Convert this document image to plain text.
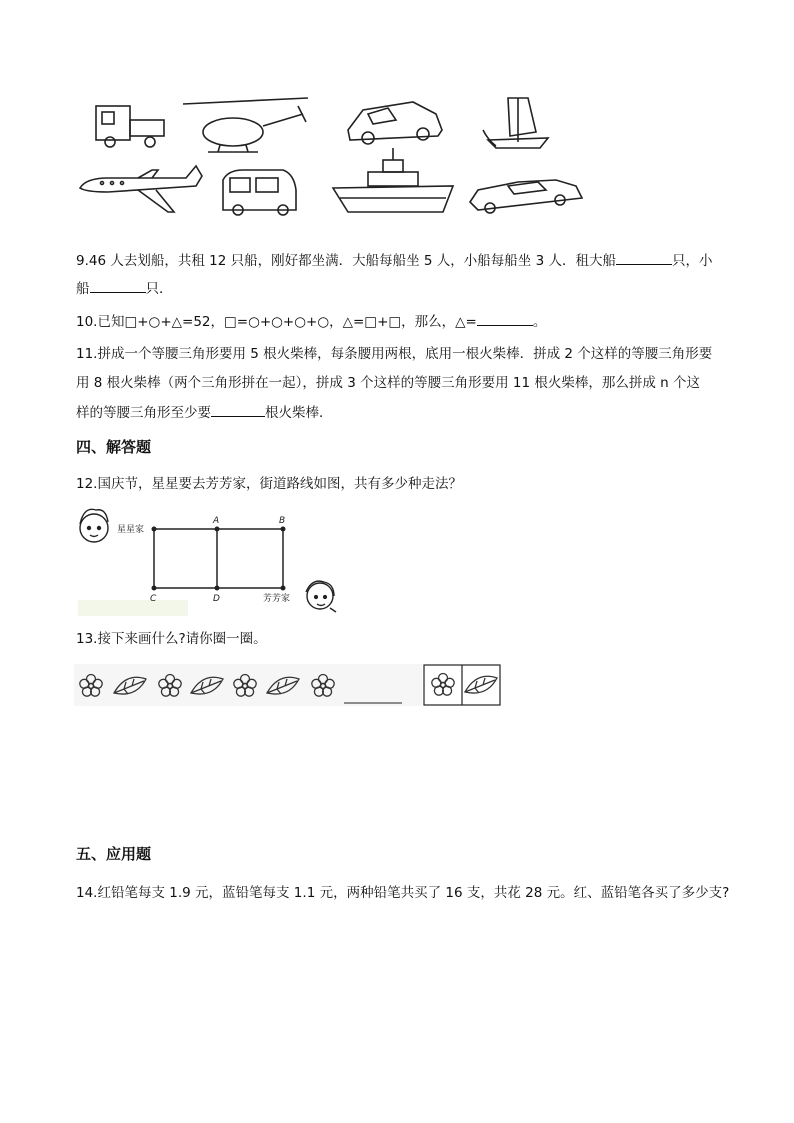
9.46 人去划船，共租 12 只船，刚好都坐满．大船每船坐 5 人，小船每船坐 3 人．租大船	只，小
船	只．
10.已知□+○+△=52，□=○+○+○+○，△=□+□，那么，△=	。
11.拼成一个等腰三角形要用 5 根火柴棒，每条腰用两根，底用一根火柴棒．拼成 2 个这样的等腰三角形要
用 8 根火柴棒（两个三角形拼在一起），拼成 3 个这样的等腰三角形要用 11 根火柴棒，那么拼成 n 个这
样的等腰三角形至少要	根火柴棒．
四、解答题
12.国庆节，星星要去芳芳家，街道路线如图，共有多少种走法？
星星家
A	B
C	D	芳芳家
13.接下来画什么?请你圈一圈。
五、应用题
14.红铅笔每支 1.9 元，蓝铅笔每支 1.1 元，两种铅笔共买了 16 支，共花 28 元。红、蓝铅笔各买了多少支?
